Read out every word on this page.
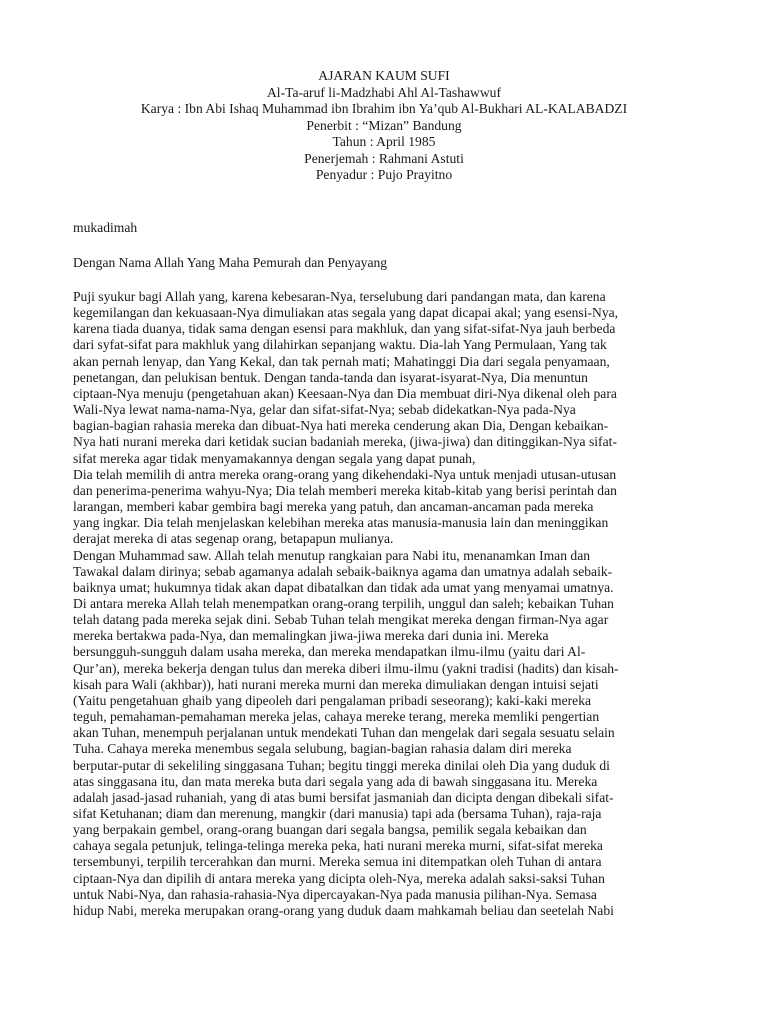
AJARAN KAUM SUFI
Al-Ta-aruf li-Madzhabi Ahl Al-Tashawwuf
Karya : Ibn Abi Ishaq Muhammad ibn Ibrahim ibn Ya’qub Al-Bukhari AL-KALABADZI
Penerbit : “Mizan” Bandung
Tahun : April 1985
Penerjemah : Rahmani Astuti
Penyadur : Pujo Prayitno
mukadimah
Dengan Nama Allah Yang Maha Pemurah dan Penyayang
Puji syukur bagi Allah yang, karena kebesaran-Nya, terselubung dari pandangan mata, dan karena
kegemilangan dan kekuasaan-Nya dimuliakan atas segala yang dapat dicapai akal; yang esensi-Nya,
karena tiada duanya, tidak sama dengan esensi para makhluk, dan yang sifat-sifat-Nya jauh berbeda
dari syfat-sifat para makhluk yang dilahirkan sepanjang waktu. Dia-lah Yang Permulaan, Yang tak
akan pernah lenyap, dan Yang Kekal, dan tak pernah mati; Mahatinggi Dia dari segala penyamaan,
penetangan, dan pelukisan bentuk. Dengan tanda-tanda dan isyarat-isyarat-Nya, Dia menuntun
ciptaan-Nya menuju (pengetahuan akan) Keesaan-Nya dan Dia membuat diri-Nya dikenal oleh para
Wali-Nya lewat nama-nama-Nya, gelar dan sifat-sifat-Nya; sebab didekatkan-Nya pada-Nya
bagian-bagian rahasia mereka dan dibuat-Nya hati mereka cenderung akan Dia, Dengan kebaikan-
Nya hati nurani mereka dari ketidak sucian badaniah mereka, (jiwa-jiwa) dan ditinggikan-Nya sifat-
sifat mereka agar tidak menyamakannya dengan segala yang dapat punah,
Dia telah memilih di antra mereka orang-orang yang dikehendaki-Nya untuk menjadi utusan-utusan
dan penerima-penerima wahyu-Nya; Dia telah memberi mereka kitab-kitab yang berisi perintah dan
larangan, memberi kabar gembira bagi mereka yang patuh, dan ancaman-ancaman pada mereka
yang ingkar. Dia telah menjelaskan kelebihan mereka atas manusia-manusia lain dan meninggikan
derajat mereka di atas segenap orang, betapapun mulianya.
Dengan Muhammad saw. Allah telah menutup rangkaian para Nabi itu, menanamkan Iman dan
Tawakal dalam dirinya; sebab agamanya adalah sebaik-baiknya agama dan umatnya adalah sebaik-
baiknya umat; hukumnya tidak akan dapat dibatalkan dan tidak ada umat yang menyamai umatnya.
Di antara mereka Allah telah menempatkan orang-orang terpilih, unggul dan saleh; kebaikan Tuhan
telah datang pada mereka sejak dini. Sebab Tuhan telah mengikat mereka dengan firman-Nya agar
mereka bertakwa pada-Nya, dan memalingkan jiwa-jiwa mereka dari dunia ini. Mereka
bersungguh-sungguh dalam usaha mereka, dan mereka mendapatkan ilmu-ilmu (yaitu dari Al-
Qur’an), mereka bekerja dengan tulus dan mereka diberi ilmu-ilmu (yakni tradisi (hadits) dan kisah-
kisah para Wali (akhbar)), hati nurani mereka murni dan mereka dimuliakan dengan intuisi sejati
(Yaitu pengetahuan ghaib yang dipeoleh dari pengalaman pribadi seseorang); kaki-kaki mereka
teguh, pemahaman-pemahaman mereka jelas, cahaya mereke terang, mereka memliki pengertian
akan Tuhan, menempuh perjalanan untuk mendekati Tuhan dan mengelak dari segala sesuatu selain
Tuha. Cahaya mereka menembus segala selubung, bagian-bagian rahasia dalam diri mereka
berputar-putar di sekeliling singgasana Tuhan; begitu tinggi mereka dinilai oleh Dia yang duduk di
atas singgasana itu, dan mata mereka buta dari segala yang ada di bawah singgasana itu. Mereka
adalah jasad-jasad ruhaniah, yang di atas bumi bersifat jasmaniah dan dicipta dengan dibekali sifat-
sifat Ketuhanan; diam dan merenung, mangkir (dari manusia) tapi ada (bersama Tuhan), raja-raja
yang berpakain gembel, orang-orang buangan dari segala bangsa, pemilik segala kebaikan dan
cahaya segala petunjuk, telinga-telinga mereka peka, hati nurani mereka murni, sifat-sifat mereka
tersembunyi, terpilih tercerahkan dan murni. Mereka semua ini ditempatkan oleh Tuhan di antara
ciptaan-Nya dan dipilih di antara mereka yang dicipta oleh-Nya, mereka adalah saksi-saksi Tuhan
untuk Nabi-Nya, dan rahasia-rahasia-Nya dipercayakan-Nya pada manusia pilihan-Nya. Semasa
hidup Nabi, mereka merupakan orang-orang yang duduk daam mahkamah beliau dan seetelah Nabi
